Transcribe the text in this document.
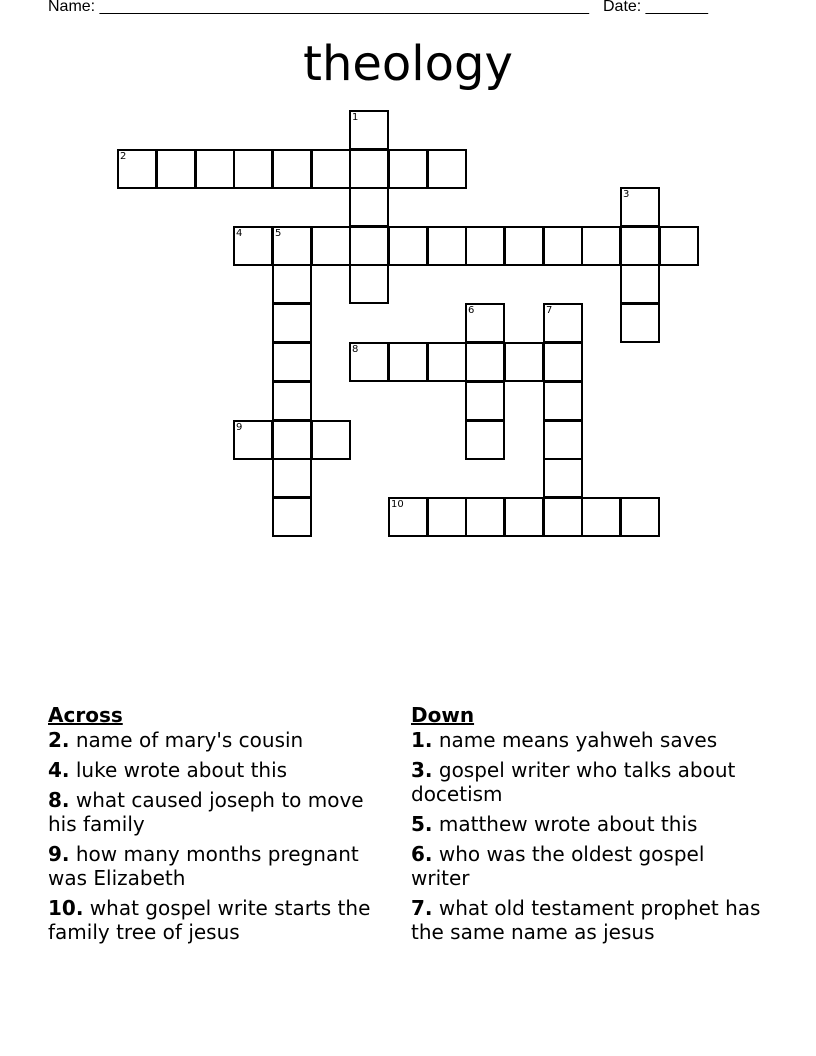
Name: _______________________________________________________ Date: _______
theology
1
2
3
4	5
6	7
8
9
10
Across
2. name of mary's cousin
4. luke wrote about this
8. what caused joseph to move his family
9. how many months pregnant was Elizabeth
10. what gospel write starts the family tree of jesus
Down
1. name means yahweh saves
3. gospel writer who talks about docetism
5. matthew wrote about this
6. who was the oldest gospel writer
7. what old testament prophet has the same name as jesus
